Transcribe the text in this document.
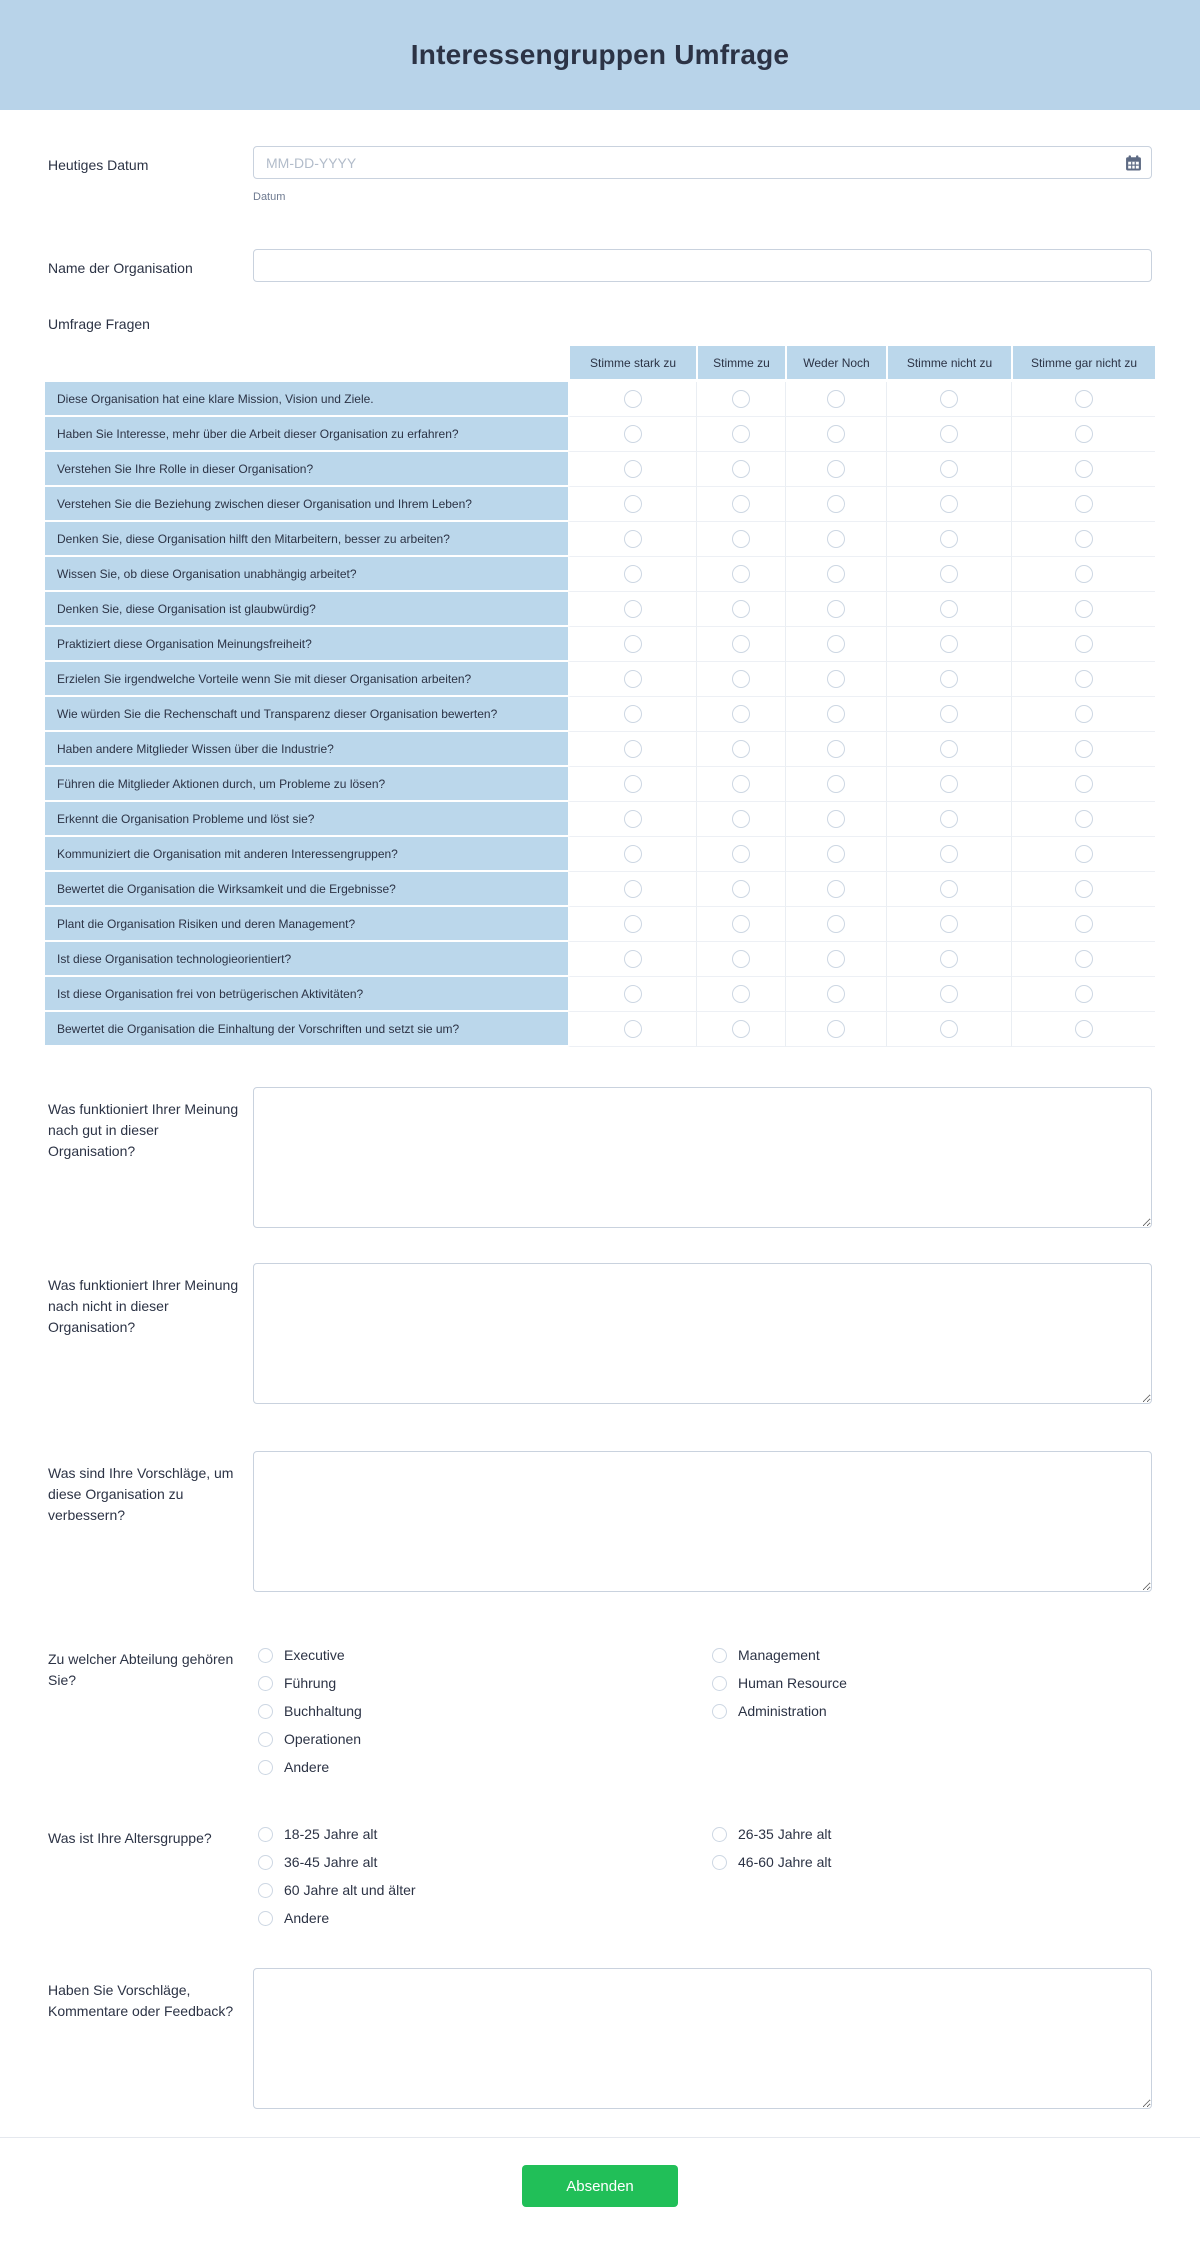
Interessengruppen Umfrage
Heutiges Datum
MM-DD-YYYY
Datum
Name der Organisation
Umfrage Fragen
Stimme stark zu	Stimme zu	Weder Noch	Stimme nicht zu	Stimme gar nicht zu
Diese Organisation hat eine klare Mission, Vision und Ziele.
Haben Sie Interesse, mehr über die Arbeit dieser Organisation zu erfahren?
Verstehen Sie Ihre Rolle in dieser Organisation?
Verstehen Sie die Beziehung zwischen dieser Organisation und Ihrem Leben?
Denken Sie, diese Organisation hilft den Mitarbeitern, besser zu arbeiten?
Wissen Sie, ob diese Organisation unabhängig arbeitet?
Denken Sie, diese Organisation ist glaubwürdig?
Praktiziert diese Organisation Meinungsfreiheit?
Erzielen Sie irgendwelche Vorteile wenn Sie mit dieser Organisation arbeiten?
Wie würden Sie die Rechenschaft und Transparenz dieser Organisation bewerten?
Haben andere Mitglieder Wissen über die Industrie?
Führen die Mitglieder Aktionen durch, um Probleme zu lösen?
Erkennt die Organisation Probleme und löst sie?
Kommuniziert die Organisation mit anderen Interessengruppen?
Bewertet die Organisation die Wirksamkeit und die Ergebnisse?
Plant die Organisation Risiken und deren Management?
Ist diese Organisation technologieorientiert?
Ist diese Organisation frei von betrügerischen Aktivitäten?
Bewertet die Organisation die Einhaltung der Vorschriften und setzt sie um?
Was funktioniert Ihrer Meinung nach gut in dieser Organisation?
Was funktioniert Ihrer Meinung nach nicht in dieser Organisation?
Was sind Ihre Vorschläge, um diese Organisation zu verbessern?
Zu welcher Abteilung gehören Sie?
Executive
Führung
Buchhaltung
Operationen
Andere
Management
Human Resource
Administration
Was ist Ihre Altersgruppe?	18-25 Jahre alt
36-45 Jahre alt
60 Jahre alt und älter
Andere
26-35 Jahre alt
46-60 Jahre alt
Haben Sie Vorschläge, Kommentare oder Feedback?
Absenden
